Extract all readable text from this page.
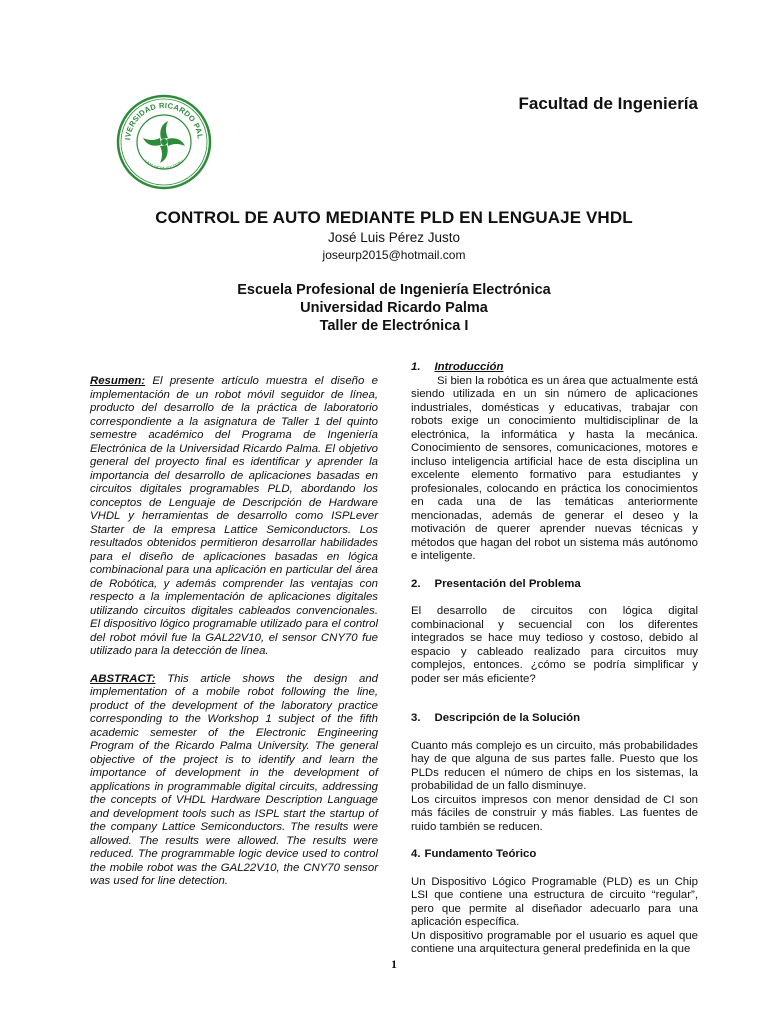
IVERSIDAD RICARDO PAL
LIMA·MCMLXIX·PERU
Facultad de Ingeniería
CONTROL DE AUTO MEDIANTE PLD EN LENGUAJE VHDL
José Luis Pérez Justo
joseurp2015@hotmail.com
Escuela Profesional de Ingeniería Electrónica
Universidad Ricardo Palma
Taller de Electrónica I

Resumen: El presente artículo muestra el diseño e implementación de un robot móvil seguidor de línea, producto del desarrollo de la práctica de laboratorio correspondiente a la asignatura de Taller 1 del quinto semestre académico del Programa de Ingeniería Electrónica de la Universidad Ricardo Palma. El objetivo general del proyecto final es identificar y aprender la importancia del desarrollo de aplicaciones basadas en circuitos digitales programables PLD, abordando los conceptos de Lenguaje de Descripción de Hardware VHDL y herramientas de desarrollo como ISPLever Starter de la empresa Lattice Semiconductors. Los resultados obtenidos permitieron desarrollar habilidades para el diseño de aplicaciones basadas en lógica combinacional para una aplicación en particular del área de Robótica, y además comprender las ventajas con respecto a la implementación de aplicaciones digitales utilizando circuitos digitales cableados convencionales. El dispositivo lógico programable utilizado para el control del robot móvil fue la GAL22V10, el sensor CNY70 fue utilizado para la detección de línea.

ABSTRACT: This article shows the design and implementation of a mobile robot following the line, product of the development of the laboratory practice corresponding to the Workshop 1 subject of the fifth academic semester of the Electronic Engineering Program of the Ricardo Palma University. The general objective of the project is to identify and learn the importance of development in the development of applications in programmable digital circuits, addressing the concepts of VHDL Hardware Description Language and development tools such as ISPL start the startup of the company Lattice Semiconductors. The results were allowed. The results were allowed. The results were reduced. The programmable logic device used to control the mobile robot was the GAL22V10, the CNY70 sensor was used for line detection.

1. Introducción

Si bien la robótica es un área que actualmente está siendo utilizada en un sin número de aplicaciones industriales, domésticas y educativas, trabajar con robots exige un conocimiento multidisciplinar de la electrónica, la informática y hasta la mecánica. Conocimiento de sensores, comunicaciones, motores e incluso inteligencia artificial hace de esta disciplina un excelente elemento formativo para estudiantes y profesionales, colocando en práctica los conocimientos en cada una de las temáticas anteriormente mencionadas, además de generar el deseo y la motivación de querer aprender nuevas técnicas y métodos que hagan del robot un sistema más autónomo e inteligente.

2. Presentación del Problema

El desarrollo de circuitos con lógica digital combinacional y secuencial con los diferentes integrados se hace muy tedioso y costoso, debido al espacio y cableado realizado para circuitos muy complejos, entonces. ¿cómo se podría simplificar y poder ser más eficiente?

3. Descripción de la Solución

Cuanto más complejo es un circuito, más probabilidades hay de que alguna de sus partes falle. Puesto que los PLDs reducen el número de chips en los sistemas, la probabilidad de un fallo disminuye.

Los circuitos impresos con menor densidad de CI son más fáciles de construir y más fiables. Las fuentes de ruido también se reducen.

4. Fundamento Teórico

Un Dispositivo Lógico Programable (PLD) es un Chip LSI que contiene una estructura de circuito “regular”, pero que permite al diseñador adecuarlo para una aplicación específica.

Un dispositivo programable por el usuario es aquel que contiene una arquitectura general predefinida en la que

1
